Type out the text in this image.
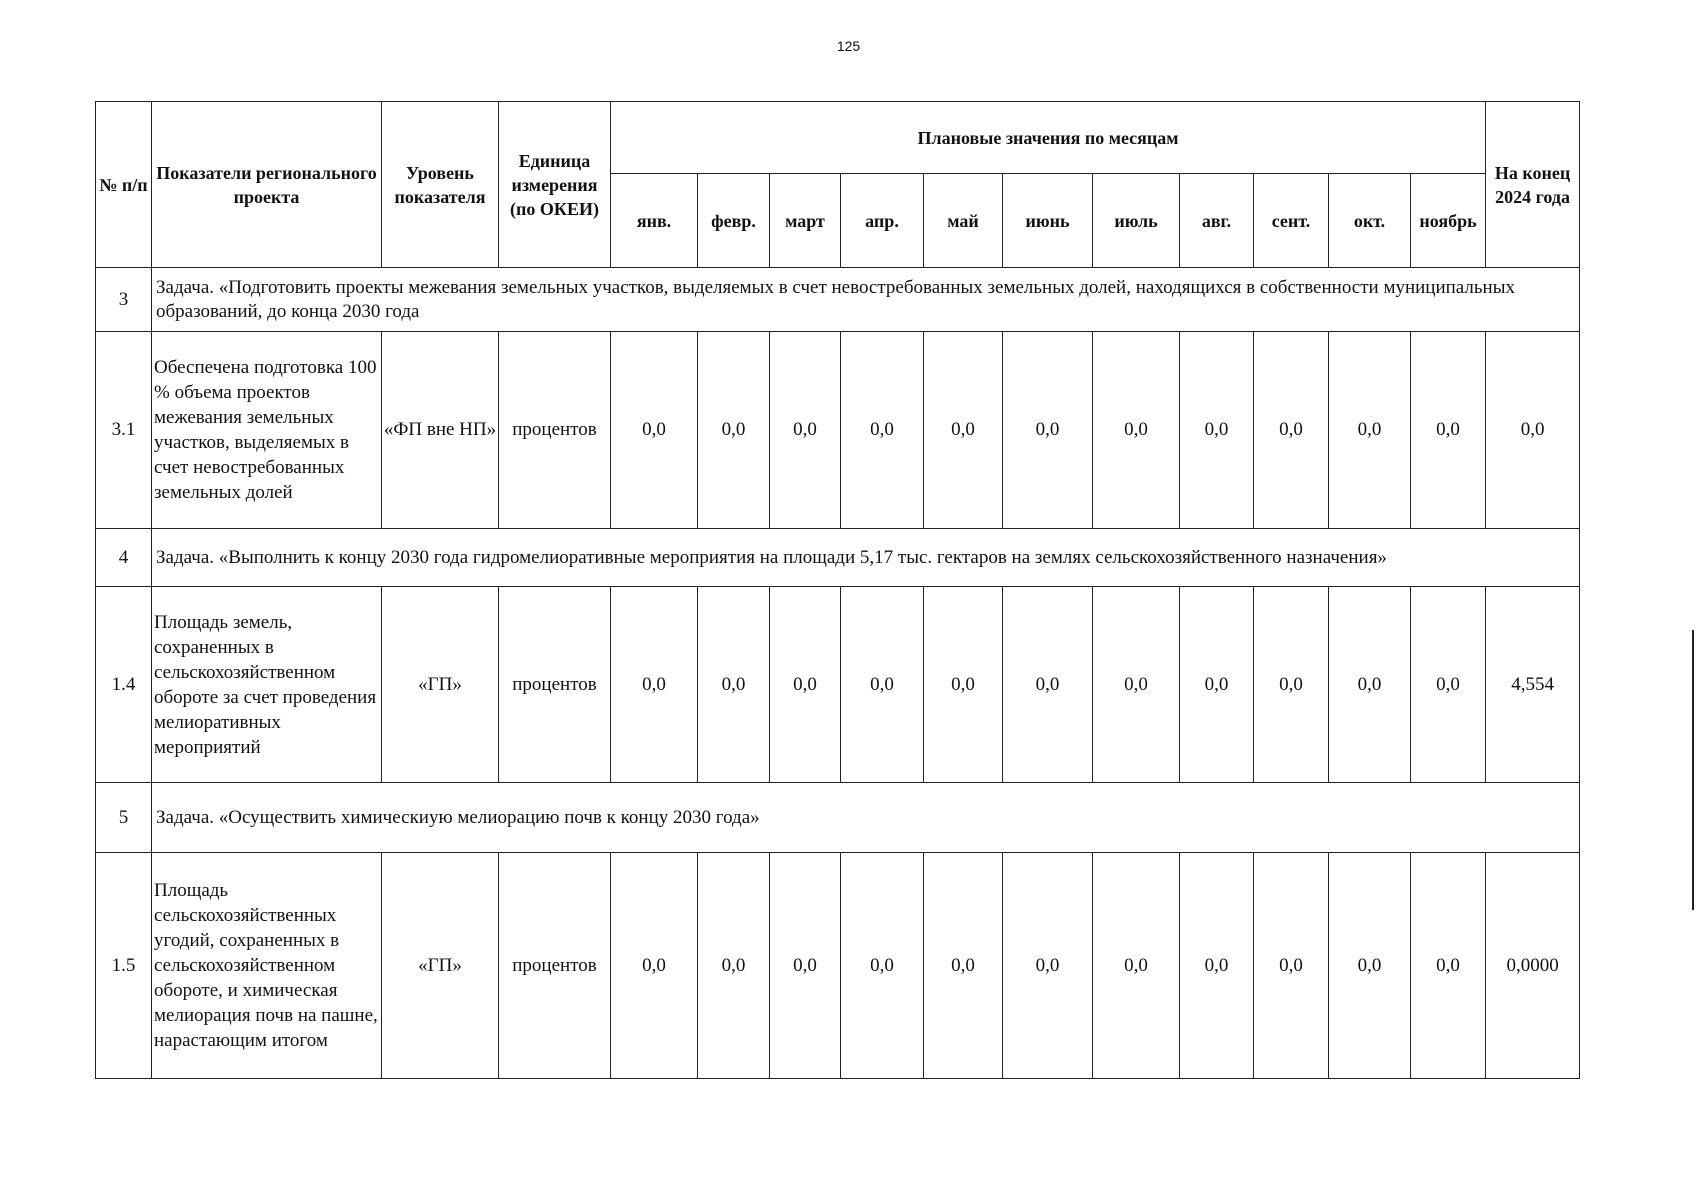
125
№ п/п	Показатели регионального проекта	Уровень показателя	Единица измерения (по ОКЕИ)	Плановые значения по месяцам											На конец 2024 года
				янв.	февр.	март	апр.	май	июнь	июль	авг.	сент.	окт.	ноябрь	
3	Задача. «Подготовить проекты межевания земельных участков, выделяемых в счет невостребованных земельных долей, находящихся в собственности муниципальных образований, до конца 2030 года														
3.1	Обеспечена подготовка 100 % объема проектов межевания земельных участков, выделяемых в счет невостребованных земельных долей	«ФП вне НП»	процентов	0,0	0,0	0,0	0,0	0,0	0,0	0,0	0,0	0,0	0,0	0,0	0,0
4	Задача. «Выполнить к концу 2030 года гидромелиоративные мероприятия на площади 5,17 тыс. гектаров на землях сельскохозяйственного назначения»														
1.4	Площадь земель, сохраненных в сельскохозяйственном обороте за счет проведения мелиоративных мероприятий	«ГП»	процентов	0,0	0,0	0,0	0,0	0,0	0,0	0,0	0,0	0,0	0,0	0,0	4,554
5	Задача. «Осуществить химическиую мелиорацию почв к концу 2030 года»														
1.5	Площадь сельскохозяйственных угодий, сохраненных в сельскохозяйственном обороте, и химическая мелиорация почв на пашне, нарастающим итогом	«ГП»	процентов	0,0	0,0	0,0	0,0	0,0	0,0	0,0	0,0	0,0	0,0	0,0	0,0000
